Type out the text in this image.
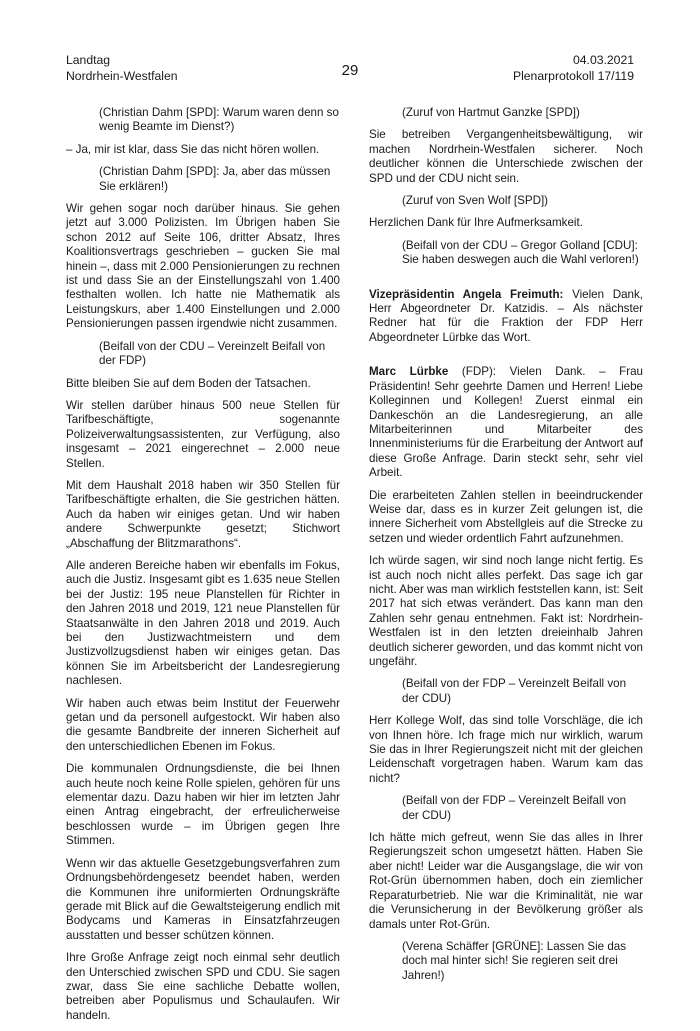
Landtag
Nordrhein-Westfalen	29
04.03.2021
Plenarprotokoll 17/119

(Christian Dahm [SPD]: Warum waren denn so wenig Beamte im Dienst?)

– Ja, mir ist klar, dass Sie das nicht hören wollen.

(Christian Dahm [SPD]: Ja, aber das müssen Sie erklären!)

Wir gehen sogar noch darüber hinaus. Sie gehen jetzt auf 3.000 Polizisten. Im Übrigen haben Sie schon 2012 auf Seite 106, dritter Absatz, Ihres Koalitionsvertrags geschrieben – gucken Sie mal hinein –, dass mit 2.000 Pensionierungen zu rechnen ist und dass Sie an der Einstellungszahl von 1.400 festhalten wollen. Ich hatte nie Mathematik als Leistungskurs, aber 1.400 Einstellungen und 2.000 Pensionierungen passen irgendwie nicht zusammen.

(Beifall von der CDU – Vereinzelt Beifall von der FDP)

Bitte bleiben Sie auf dem Boden der Tatsachen.

Wir stellen darüber hinaus 500 neue Stellen für Tarifbeschäftigte, sogenannte Polizeiverwaltungsassistenten, zur Verfügung, also insgesamt – 2021 eingerechnet – 2.000 neue Stellen.

Mit dem Haushalt 2018 haben wir 350 Stellen für Tarifbeschäftigte erhalten, die Sie gestrichen hätten. Auch da haben wir einiges getan. Und wir haben andere Schwerpunkte gesetzt; Stichwort „Abschaffung der Blitzmarathons“.

Alle anderen Bereiche haben wir ebenfalls im Fokus, auch die Justiz. Insgesamt gibt es 1.635 neue Stellen bei der Justiz: 195 neue Planstellen für Richter in den Jahren 2018 und 2019, 121 neue Planstellen für Staatsanwälte in den Jahren 2018 und 2019. Auch bei den Justizwachtmeistern und dem Justizvollzugsdienst haben wir einiges getan. Das können Sie im Arbeitsbericht der Landesregierung nachlesen.

Wir haben auch etwas beim Institut der Feuerwehr getan und da personell aufgestockt. Wir haben also die gesamte Bandbreite der inneren Sicherheit auf den unterschiedlichen Ebenen im Fokus.

Die kommunalen Ordnungsdienste, die bei Ihnen auch heute noch keine Rolle spielen, gehören für uns elementar dazu. Dazu haben wir hier im letzten Jahr einen Antrag eingebracht, der erfreulicherweise beschlossen wurde – im Übrigen gegen Ihre Stimmen.

Wenn wir das aktuelle Gesetzgebungsverfahren zum Ordnungsbehördengesetz beendet haben, werden die Kommunen ihre uniformierten Ordnungskräfte gerade mit Blick auf die Gewaltsteigerung endlich mit Bodycams und Kameras in Einsatzfahrzeugen ausstatten und besser schützen können.

Ihre Große Anfrage zeigt noch einmal sehr deutlich den Unterschied zwischen SPD und CDU. Sie sagen zwar, dass Sie eine sachliche Debatte wollen, betreiben aber Populismus und Schaulaufen. Wir handeln.

(Zuruf von Hartmut Ganzke [SPD])

Sie betreiben Vergangenheitsbewältigung, wir machen Nordrhein-Westfalen sicherer. Noch deutlicher können die Unterschiede zwischen der SPD und der CDU nicht sein.

(Zuruf von Sven Wolf [SPD])

Herzlichen Dank für Ihre Aufmerksamkeit.

(Beifall von der CDU – Gregor Golland [CDU]: Sie haben deswegen auch die Wahl verloren!)

Vizepräsidentin Angela Freimuth: Vielen Dank, Herr Abgeordneter Dr. Katzidis. – Als nächster Redner hat für die Fraktion der FDP Herr Abgeordneter Lürbke das Wort.

Marc Lürbke (FDP): Vielen Dank. – Frau Präsidentin! Sehr geehrte Damen und Herren! Liebe Kolleginnen und Kollegen! Zuerst einmal ein Dankeschön an die Landesregierung, an alle Mitarbeiterinnen und Mitarbeiter des Innenministeriums für die Erarbeitung der Antwort auf diese Große Anfrage. Darin steckt sehr, sehr viel Arbeit.

Die erarbeiteten Zahlen stellen in beeindruckender Weise dar, dass es in kurzer Zeit gelungen ist, die innere Sicherheit vom Abstellgleis auf die Strecke zu setzen und wieder ordentlich Fahrt aufzunehmen.

Ich würde sagen, wir sind noch lange nicht fertig. Es ist auch noch nicht alles perfekt. Das sage ich gar nicht. Aber was man wirklich feststellen kann, ist: Seit 2017 hat sich etwas verändert. Das kann man den Zahlen sehr genau entnehmen. Fakt ist: Nordrhein-Westfalen ist in den letzten dreieinhalb Jahren deutlich sicherer geworden, und das kommt nicht von ungefähr.

(Beifall von der FDP – Vereinzelt Beifall von der CDU)

Herr Kollege Wolf, das sind tolle Vorschläge, die ich von Ihnen höre. Ich frage mich nur wirklich, warum Sie das in Ihrer Regierungszeit nicht mit der gleichen Leidenschaft vorgetragen haben. Warum kam das nicht?

(Beifall von der FDP – Vereinzelt Beifall von der CDU)

Ich hätte mich gefreut, wenn Sie das alles in Ihrer Regierungszeit schon umgesetzt hätten. Haben Sie aber nicht! Leider war die Ausgangslage, die wir von Rot-Grün übernommen haben, doch ein ziemlicher Reparaturbetrieb. Nie war die Kriminalität, nie war die Verunsicherung in der Bevölkerung größer als damals unter Rot-Grün.

(Verena Schäffer [GRÜNE]: Lassen Sie das doch mal hinter sich! Sie regieren seit drei Jahren!)
